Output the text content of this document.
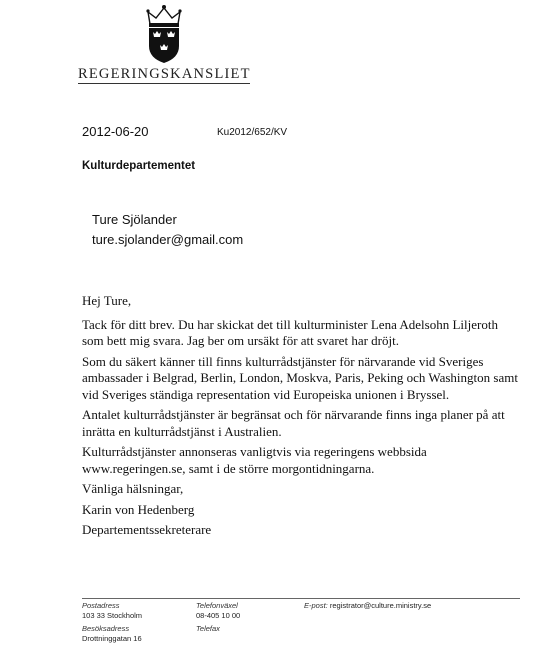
REGERINGSKANSLIET
2012-06-20	Ku2012/652/KV
Kulturdepartementet
Ture Sjölander
ture.sjolander@gmail.com

Hej Ture,

Tack för ditt brev. Du har skickat det till kulturminister Lena Adelsohn Liljeroth som bett mig svara. Jag ber om ursäkt för att svaret har dröjt.

Som du säkert känner till finns kulturrådstjänster för närvarande vid Sveriges ambassader i Belgrad, Berlin, London, Moskva, Paris, Peking och Washington samt vid Sveriges ständiga representation vid Europeiska unionen i Bryssel.

Antalet kulturrådstjänster är begränsat och för närvarande finns inga planer på att inrätta en kulturrådstjänst i Australien.

Kulturrådstjänster annonseras vanligtvis via regeringens webbsida www.regeringen.se, samt i de större morgontidningarna.

Vänliga hälsningar,

Karin von Hedenberg

Departementssekreterare

Postadress
103 33 Stockholm
Telefonväxel
08-405 10 00
E-post: registrator@culture.ministry.se
Besöksadress
Drottninggatan 16
Telefax
